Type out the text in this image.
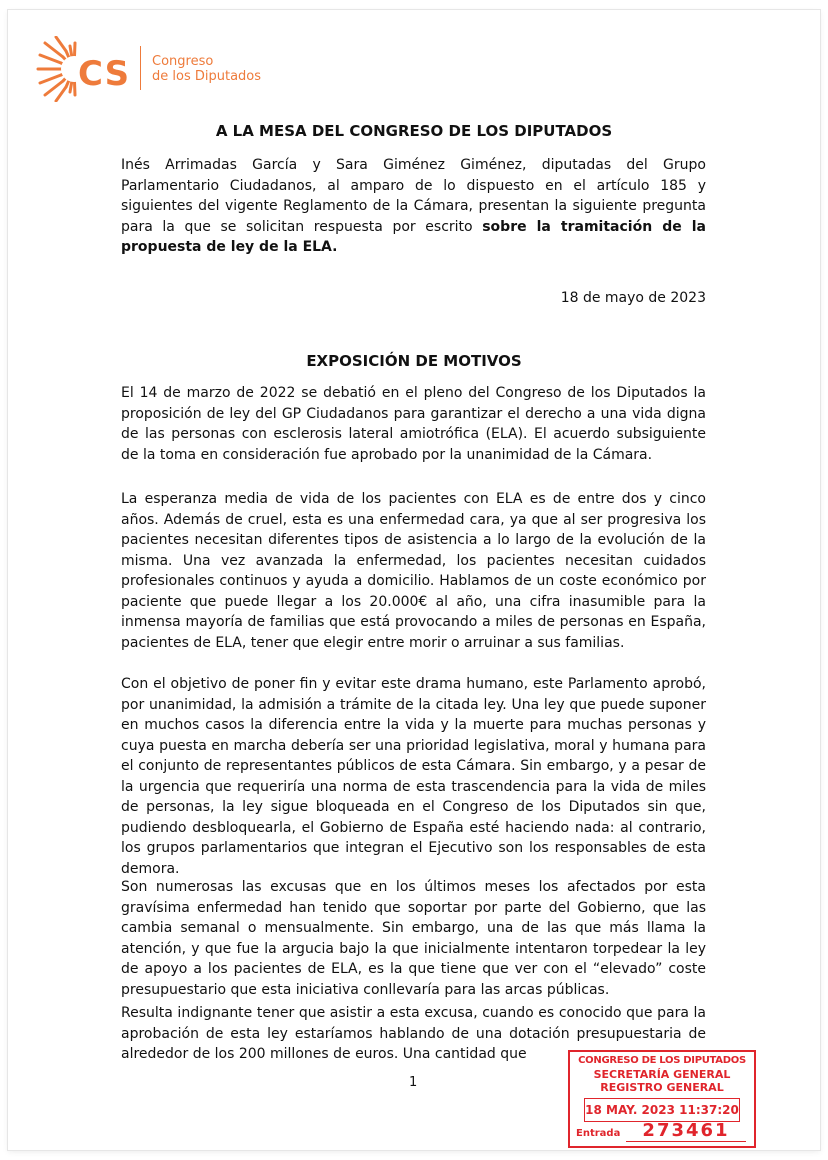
CS Congreso
de los Diputados
A LA MESA DEL CONGRESO DE LOS DIPUTADOS
Inés Arrimadas García y Sara Giménez Giménez, diputadas del Grupo Parlamentario Ciudadanos, al amparo de lo dispuesto en el artículo 185 y siguientes del vigente Reglamento de la Cámara, presentan la siguiente pregunta para la que se solicitan respuesta por escrito sobre la tramitación de la propuesta de ley de la ELA.
18 de mayo de 2023
EXPOSICIÓN DE MOTIVOS
El 14 de marzo de 2022 se debatió en el pleno del Congreso de los Diputados la proposición de ley del GP Ciudadanos para garantizar el derecho a una vida digna de las personas con esclerosis lateral amiotrófica (ELA). El acuerdo subsiguiente de la toma en consideración fue aprobado por la unanimidad de la Cámara.
La esperanza media de vida de los pacientes con ELA es de entre dos y cinco años. Además de cruel, esta es una enfermedad cara, ya que al ser progresiva los pacientes necesitan diferentes tipos de asistencia a lo largo de la evolución de la misma. Una vez avanzada la enfermedad, los pacientes necesitan cuidados profesionales continuos y ayuda a domicilio. Hablamos de un coste económico por paciente que puede llegar a los 20.000€ al año, una cifra inasumible para la inmensa mayoría de familias que está provocando a miles de personas en España, pacientes de ELA, tener que elegir entre morir o arruinar a sus familias.
Con el objetivo de poner fin y evitar este drama humano, este Parlamento aprobó, por unanimidad, la admisión a trámite de la citada ley. Una ley que puede suponer en muchos casos la diferencia entre la vida y la muerte para muchas personas y cuya puesta en marcha debería ser una prioridad legislativa, moral y humana para el conjunto de representantes públicos de esta Cámara. Sin embargo, y a pesar de la urgencia que requeriría una norma de esta trascendencia para la vida de miles de personas, la ley sigue bloqueada en el Congreso de los Diputados sin que, pudiendo desbloquearla, el Gobierno de España esté haciendo nada: al contrario, los grupos parlamentarios que integran el Ejecutivo son los responsables de esta demora.
Son numerosas las excusas que en los últimos meses los afectados por esta gravísima enfermedad han tenido que soportar por parte del Gobierno, que las cambia semanal o mensualmente. Sin embargo, una de las que más llama la atención, y que fue la argucia bajo la que inicialmente intentaron torpedear la ley de apoyo a los pacientes de ELA, es la que tiene que ver con el “elevado” coste presupuestario que esta iniciativa conllevaría para las arcas públicas.
Resulta indignante tener que asistir a esta excusa, cuando es conocido que para la aprobación de esta ley estaríamos hablando de una dotación presupuestaria de alrededor de los 200 millones de euros. Una cantidad que
1
CONGRESO DE LOS DIPUTADOS
SECRETARÍA GENERAL
REGISTRO GENERAL
18 MAY. 2023 11:37:20
Entrada	273461
